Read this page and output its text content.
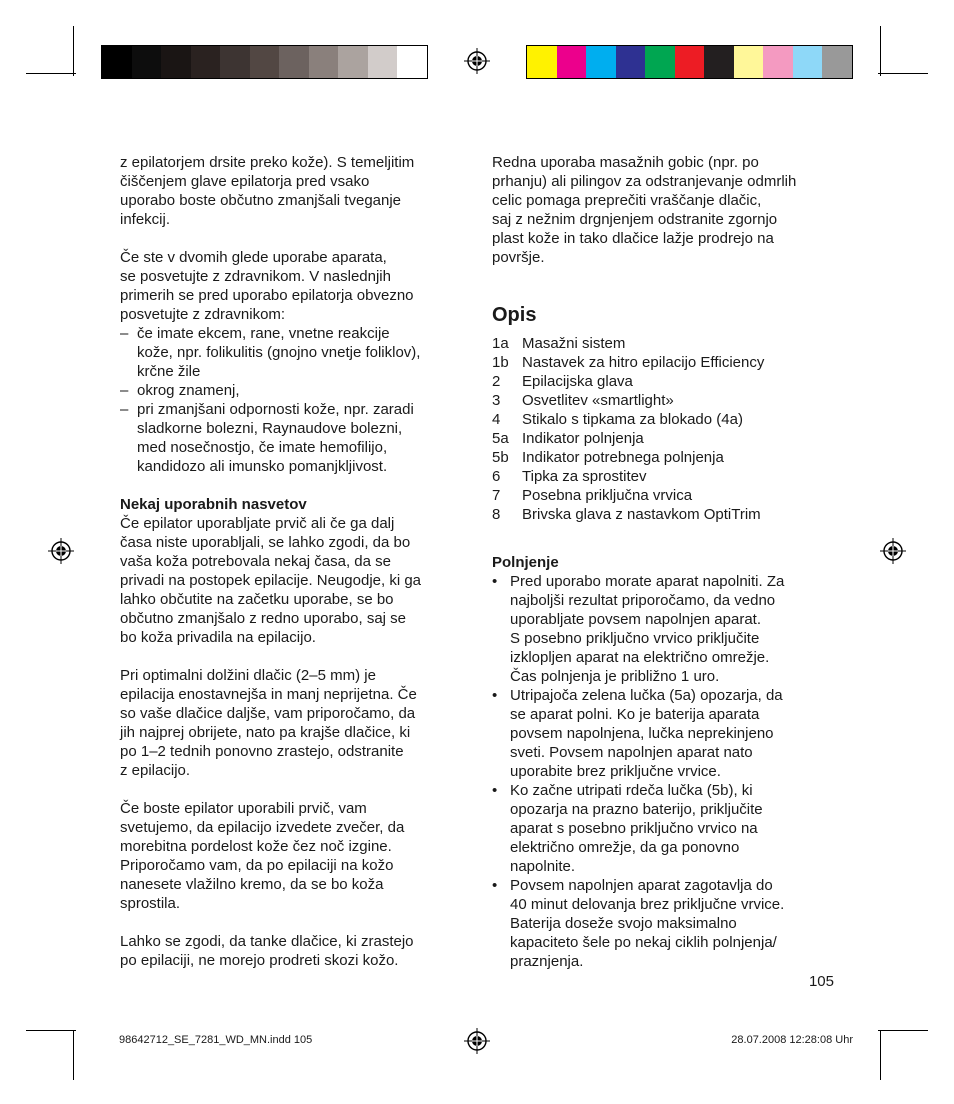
z epilatorjem drsite preko kože). S temeljitim
čiščenjem glave epilatorja pred vsako
uporabo boste občutno zmanjšali tveganje
infekcij.

Če ste v dvomih glede uporabe aparata,
se posvetujte z zdravnikom. V naslednjih
primerih se pred uporabo epilatorja obvezno
posvetujte z zdravnikom:

– če imate ekcem, rane, vnetne reakcije
kože, npr. folikulitis (gnojno vnetje foliklov),
krčne žile
– okrog znamenj,
– pri zmanjšani odpornosti kože, npr. zaradi
sladkorne bolezni, Raynaudove bolezni,
med nosečnostjo, če imate hemofilijo,
kandidozo ali imunsko pomanjkljivost.

Nekaj uporabnih nasvetov

Če epilator uporabljate prvič ali če ga dalj
časa niste uporabljali, se lahko zgodi, da bo
vaša koža potrebovala nekaj časa, da se
privadi na postopek epilacije. Neugodje, ki ga
lahko občutite na začetku uporabe, se bo
občutno zmanjšalo z redno uporabo, saj se
bo koža privadila na epilacijo.

Pri optimalni dolžini dlačic (2–5 mm) je
epilacija enostavnejša in manj neprijetna. Če
so vaše dlačice daljše, vam priporočamo, da
jih najprej obrijete, nato pa krajše dlačice, ki
po 1–2 tednih ponovno zrastejo, odstranite
z epilacijo.

Če boste epilator uporabili prvič, vam
svetujemo, da epilacijo izvedete zvečer, da
morebitna pordelost kože čez noč izgine.
Priporočamo vam, da po epilaciji na kožo
nanesete vlažilno kremo, da se bo koža
sprostila.

Lahko se zgodi, da tanke dlačice, ki zrastejo
po epilaciji, ne morejo prodreti skozi kožo.

Redna uporaba masažnih gobic (npr. po
prhanju) ali pilingov za odstranjevanje odmrlih
celic pomaga preprečiti vraščanje dlačic,
saj z nežnim drgnjenjem odstranite zgornjo
plast kože in tako dlačice lažje prodrejo na
površje.

Opis

1a Masažni sistem
1b Nastavek za hitro epilacijo Efficiency
2	Epilacijska glava
3	Osvetlitev «smartlight»
4	Stikalo s tipkama za blokado (4a)
5a Indikator polnjenja
5b Indikator potrebnega polnjenja
6	Tipka za sprostitev
7	Posebna priključna vrvica
8	Brivska glava z nastavkom OptiTrim

Polnjenje

• Pred uporabo morate aparat napolniti. Za
najboljši rezultat priporočamo, da vedno
uporabljate povsem napolnjen aparat.
S posebno priključno vrvico priključite
izklopljen aparat na električno omrežje.
Čas polnjenja je približno 1 uro.
• Utripajoča zelena lučka (5a) opozarja, da
se aparat polni. Ko je baterija aparata
povsem napolnjena, lučka neprekinjeno
sveti. Povsem napolnjen aparat nato
uporabite brez priključne vrvice.
• Ko začne utripati rdeča lučka (5b), ki
opozarja na prazno baterijo, priključite
aparat s posebno priključno vrvico na
električno omrežje, da ga ponovno
napolnite.
• Povsem napolnjen aparat zagotavlja do
40 minut delovanja brez priključne vrvice.
Baterija doseže svojo maksimalno
kapaciteto šele po nekaj ciklih polnjenja/
praznjenja.
105
98642712_SE_7281_WD_MN.indd 105	28.07.2008 12:28:08 Uhr
